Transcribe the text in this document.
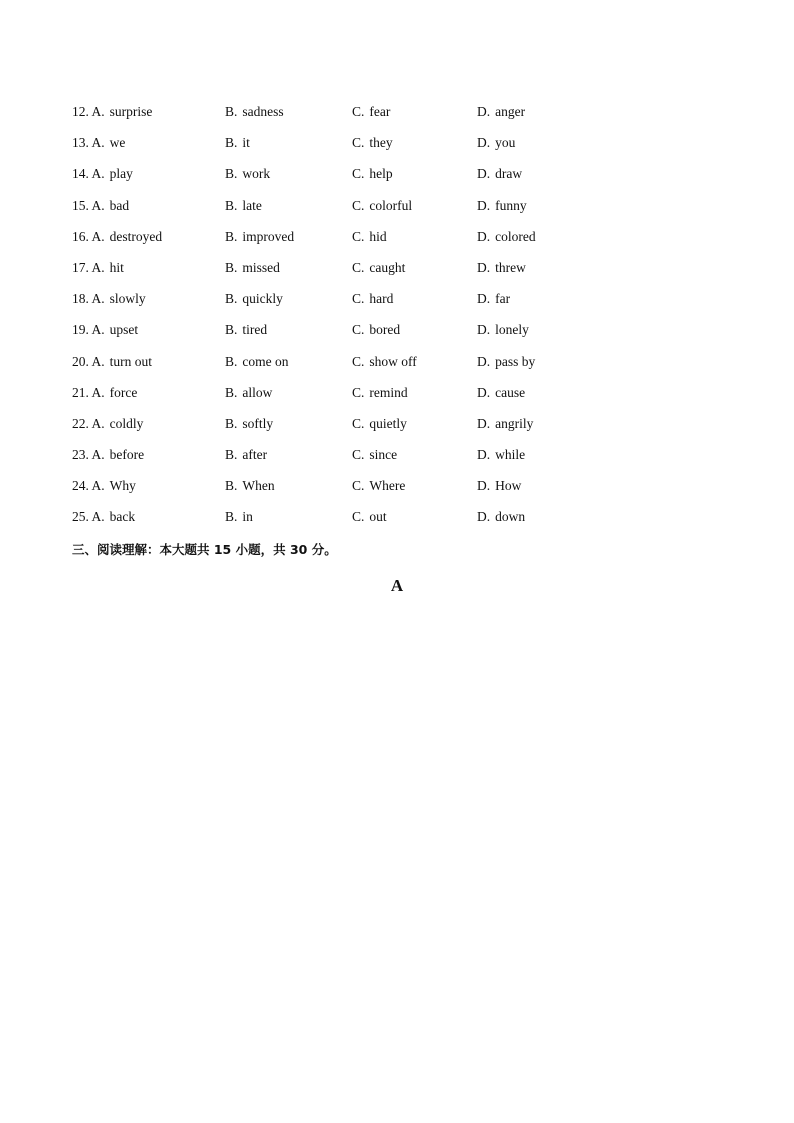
12. A. surprise	B. sadness	C. fear	D. anger
13. A. we	B. it	C. they	D. you
14. A. play	B. work	C. help	D. draw
15. A. bad	B. late	C. colorful	D. funny
16. A. destroyed	B. improved	C. hid	D. colored
17. A. hit	B. missed	C. caught	D. threw
18. A. slowly	B. quickly	C. hard	D. far
19. A. upset	B. tired	C. bored	D. lonely
20. A. turn out	B. come on	C. show off	D. pass by
21. A. force	B. allow	C. remind	D. cause
22. A. coldly	B. softly	C. quietly	D. angrily
23. A. before	B. after	C. since	D. while
24. A. Why	B. When	C. Where	D. How
25. A. back	B. in	C. out	D. down
三、阅读理解：本大题共 15 小题，共 30 分。
A
